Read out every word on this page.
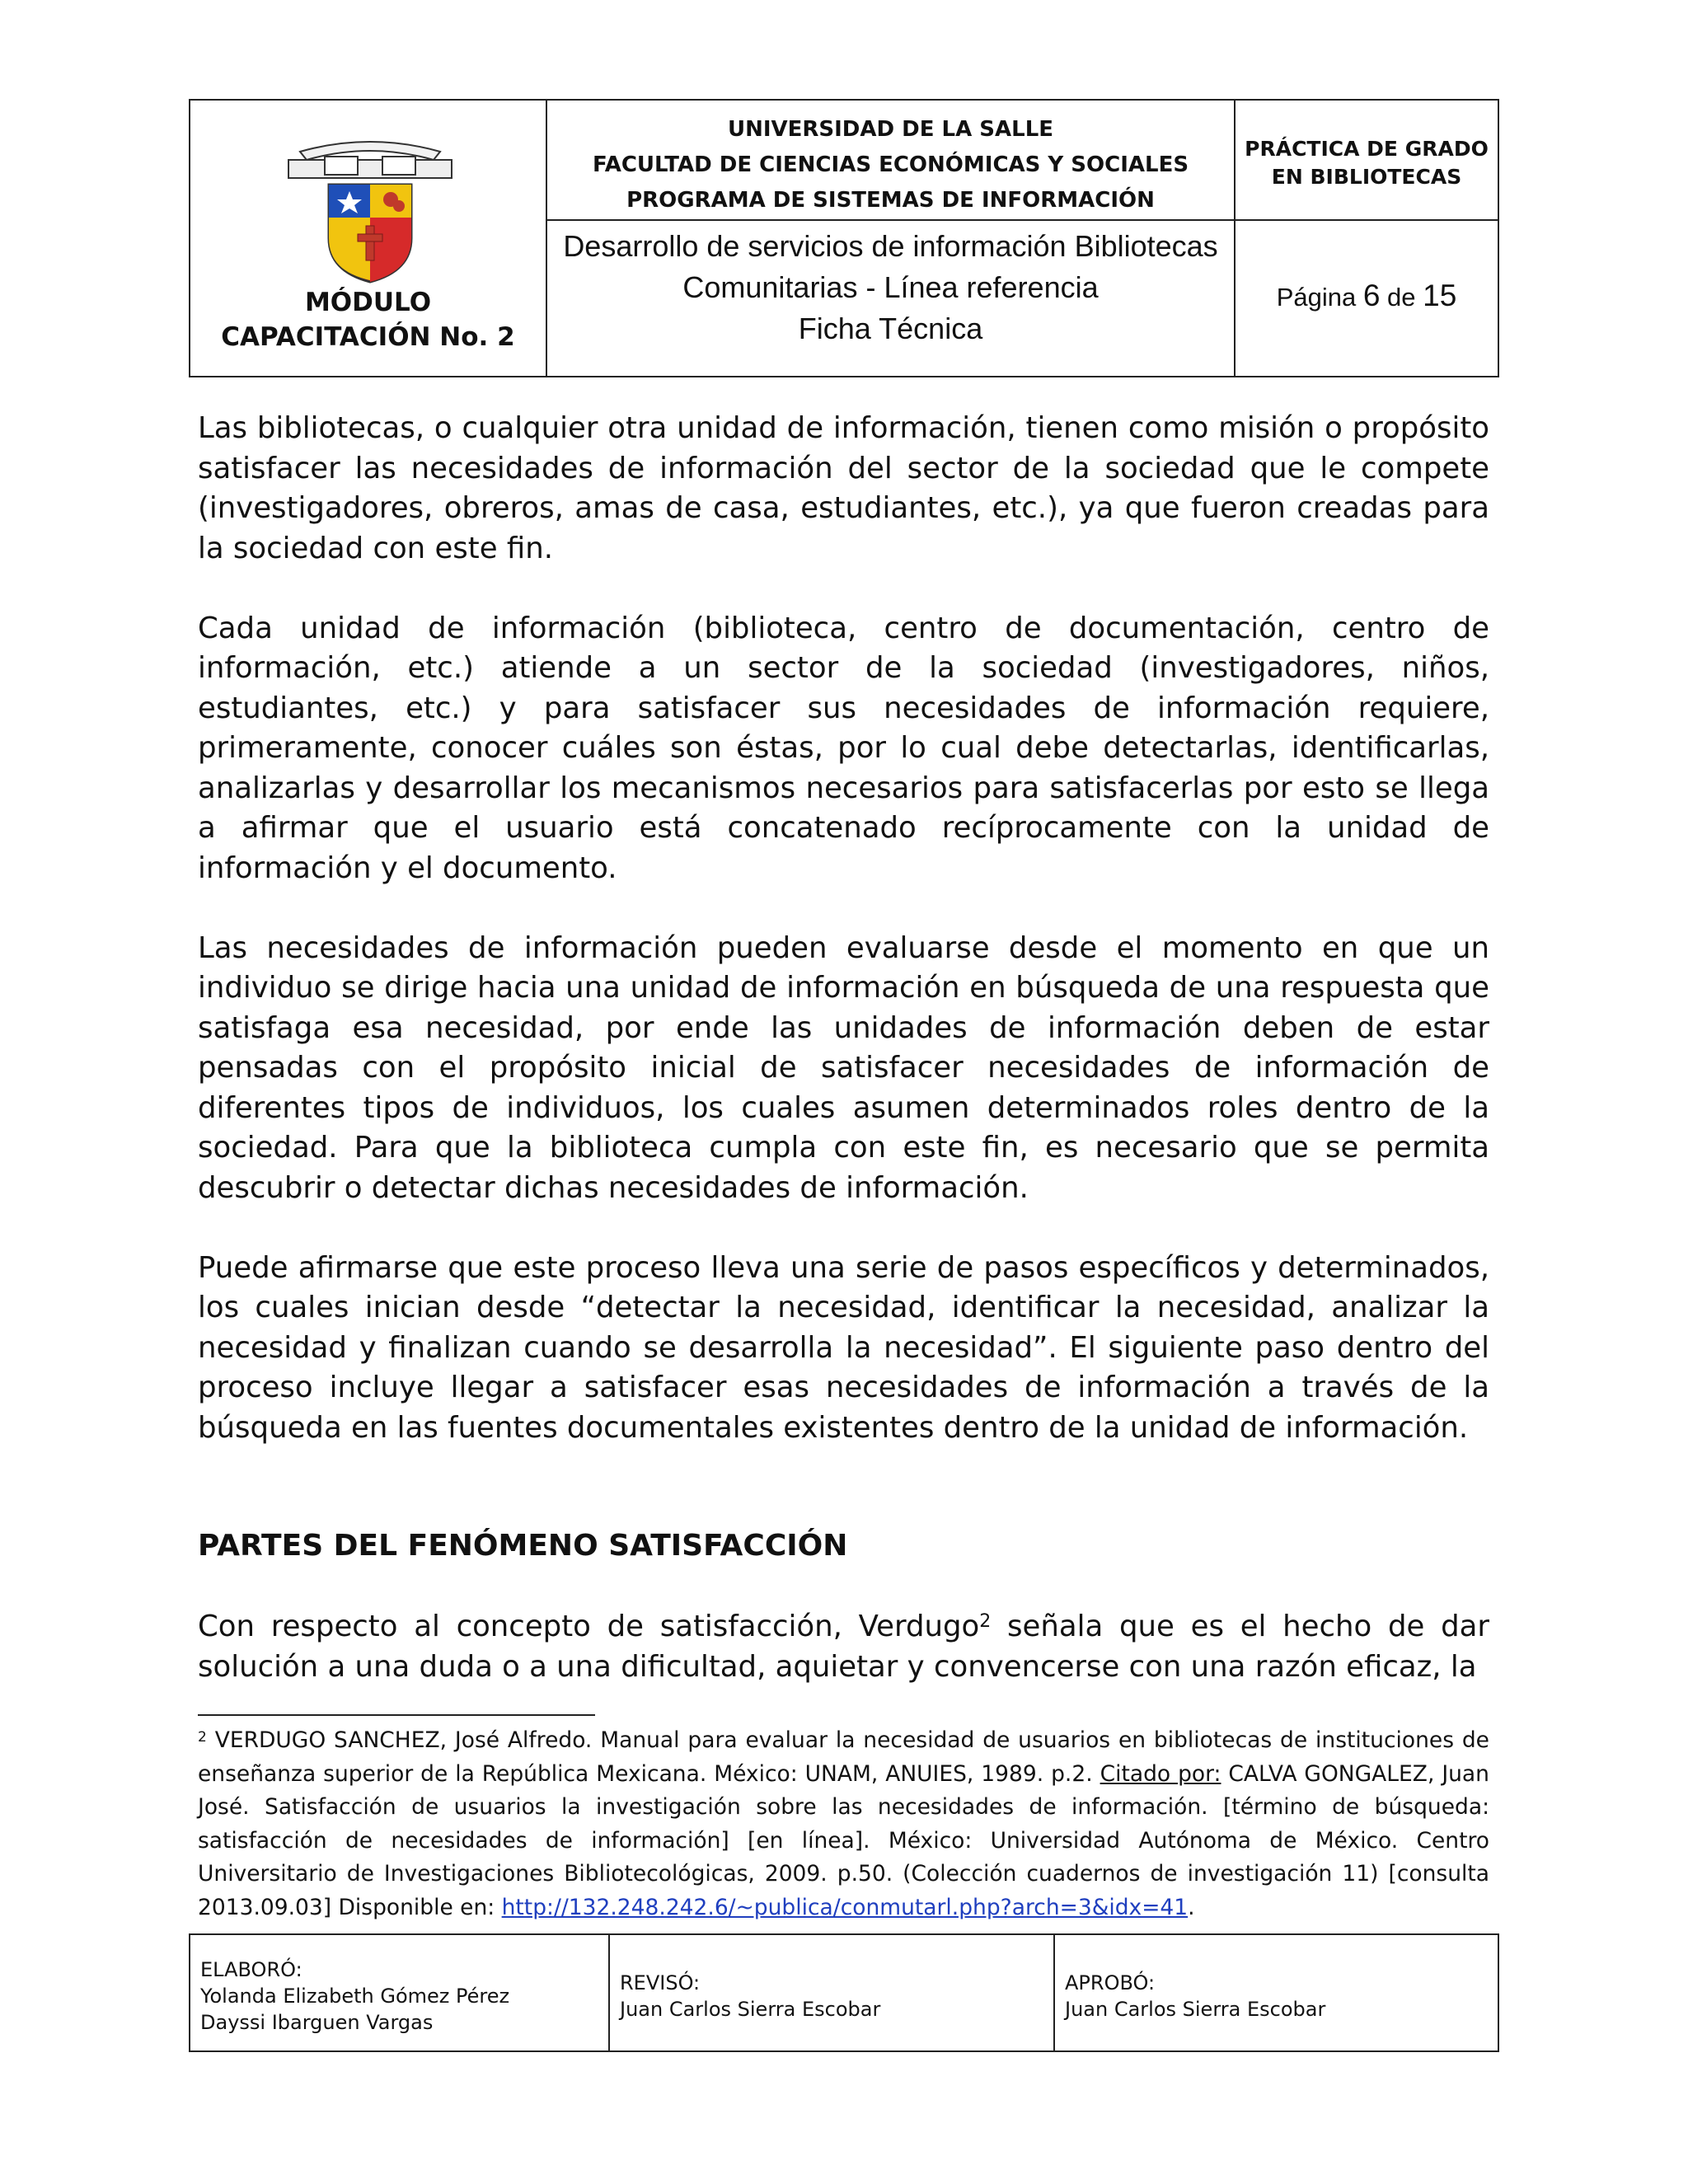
MÓDULO
CAPACITACIÓN No. 2
UNIVERSIDAD DE LA SALLE
FACULTAD DE CIENCIAS ECONÓMICAS Y SOCIALES
PROGRAMA DE SISTEMAS DE INFORMACIÓN
Desarrollo de servicios de información Bibliotecas
Comunitarias - Línea referencia
Ficha Técnica
PRÁCTICA DE GRADO
EN BIBLIOTECAS
Página 6 de 15

Las bibliotecas, o cualquier otra unidad de información, tienen como misión o propósito satisfacer las necesidades de información del sector de la sociedad que le compete (investigadores, obreros, amas de casa, estudiantes, etc.), ya que fueron creadas para la sociedad con este fin.

Cada unidad de información (biblioteca, centro de documentación, centro de información, etc.) atiende a un sector de la sociedad (investigadores, niños, estudiantes, etc.) y para satisfacer sus necesidades de información requiere, primeramente, conocer cuáles son éstas, por lo cual debe detectarlas, identificarlas, analizarlas y desarrollar los mecanismos necesarios para satisfacerlas por esto se llega a afirmar que el usuario está concatenado recíprocamente con la unidad de información y el documento.

Las necesidades de información pueden evaluarse desde el momento en que un individuo se dirige hacia una unidad de información en búsqueda de una respuesta que satisfaga esa necesidad, por ende las unidades de información deben de estar pensadas con el propósito inicial de satisfacer necesidades de información de diferentes tipos de individuos, los cuales asumen determinados roles dentro de la sociedad. Para que la biblioteca cumpla con este fin, es necesario que se permita descubrir o detectar dichas necesidades de información.

Puede afirmarse que este proceso lleva una serie de pasos específicos y determinados, los cuales inician desde “detectar la necesidad, identificar la necesidad, analizar la necesidad y finalizan cuando se desarrolla la necesidad”. El siguiente paso dentro del proceso incluye llegar a satisfacer esas necesidades de información a través de la búsqueda en las fuentes documentales existentes dentro de la unidad de información.

PARTES DEL FENÓMENO SATISFACCIÓN
Con respecto al concepto de satisfacción, Verdugo$^2$ señala que es el hecho de dar solución a una duda o a una dificultad, aquietar y convencerse con una razón eficaz, la
$^2$ VERDUGO SANCHEZ, José Alfredo. Manual para evaluar la necesidad de usuarios en bibliotecas de instituciones de enseñanza superior de la República Mexicana. México: UNAM, ANUIES, 1989. p.2. Citado por: CALVA GONGALEZ, Juan José. Satisfacción de usuarios la investigación sobre las necesidades de información. [término de búsqueda: satisfacción de necesidades de información] [en línea]. México: Universidad Autónoma de México. Centro Universitario de Investigaciones Bibliotecológicas, 2009. p.50. (Colección cuadernos de investigación 11) [consulta 2013.09.03] Disponible en: http://132.248.242.6/~publica/conmutarl.php?arch=3&idx=41.
ELABORÓ:
Yolanda Elizabeth Gómez Pérez
Dayssi Ibarguen Vargas
REVISÓ:
Juan Carlos Sierra Escobar
APROBÓ:
Juan Carlos Sierra Escobar
